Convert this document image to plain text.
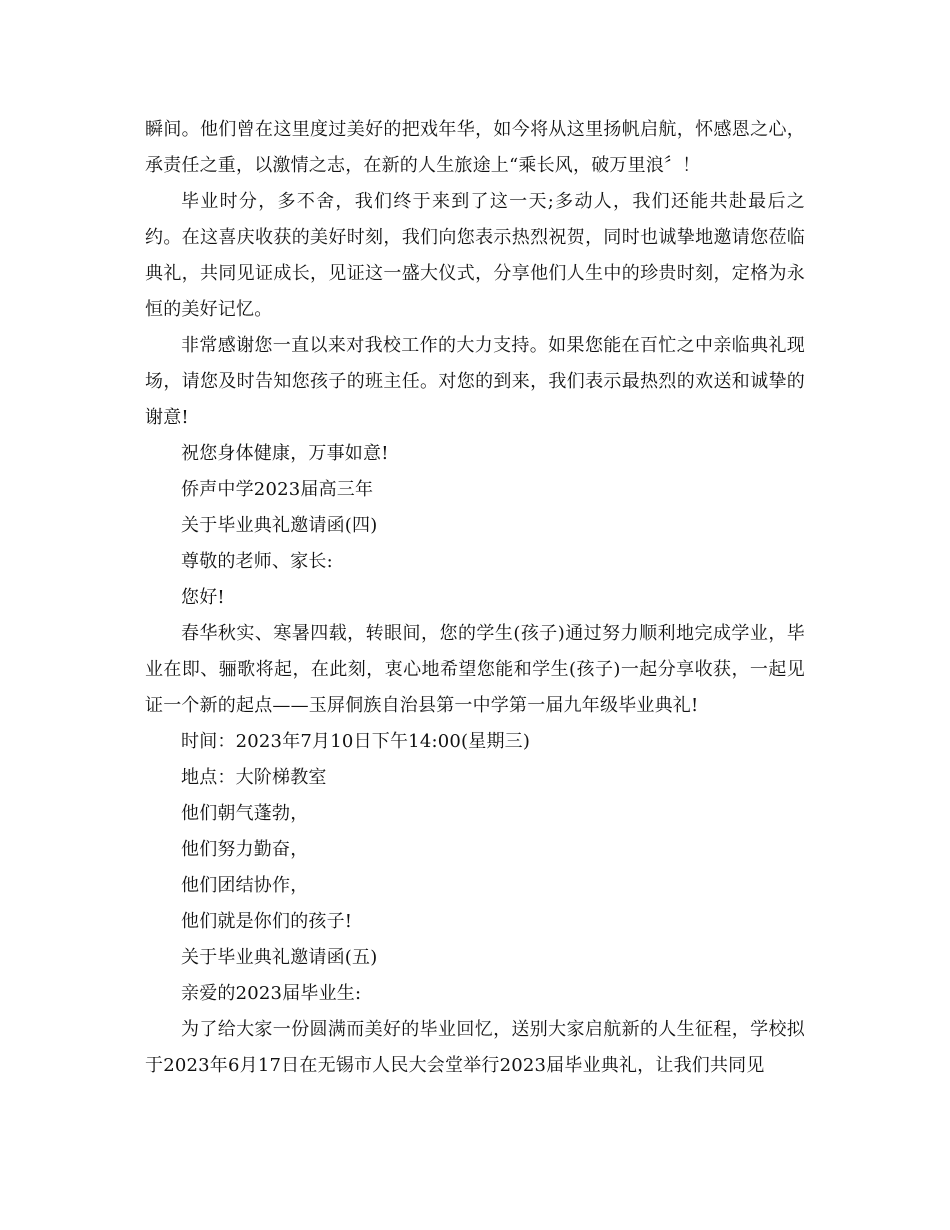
瞬间。他们曾在这里度过美好的把戏年华，如今将从这里扬帆启航，怀感恩之心，承责任之重，以激情之志，在新的人生旅途上“乘长风，破万里浪〞！

毕业时分，多不舍，我们终于来到了这一天;多动人，我们还能共赴最后之约。在这喜庆收获的美好时刻，我们向您表示热烈祝贺，同时也诚挚地邀请您莅临典礼，共同见证成长，见证这一盛大仪式，分享他们人生中的珍贵时刻，定格为永恒的美好记忆。

非常感谢您一直以来对我校工作的大力支持。如果您能在百忙之中亲临典礼现场，请您及时告知您孩子的班主任。对您的到来，我们表示最热烈的欢送和诚挚的谢意!

祝您身体健康，万事如意!

侨声中学2023届高三年

关于毕业典礼邀请函(四)

尊敬的老师、家长:

您好!

春华秋实、寒暑四载，转眼间，您的学生(孩子)通过努力顺利地完成学业，毕业在即、骊歌将起，在此刻，衷心地希望您能和学生(孩子)一起分享收获，一起见证一个新的起点——玉屏侗族自治县第一中学第一届九年级毕业典礼!

时间：2023年7月10日下午14:00(星期三)

地点：大阶梯教室

他们朝气蓬勃，

他们努力勤奋，

他们团结协作，

他们就是你们的孩子!

关于毕业典礼邀请函(五)

亲爱的2023届毕业生:

为了给大家一份圆满而美好的毕业回忆，送别大家启航新的人生征程，学校拟于2023年6月17日在无锡市人民大会堂举行2023届毕业典礼，让我们共同见
